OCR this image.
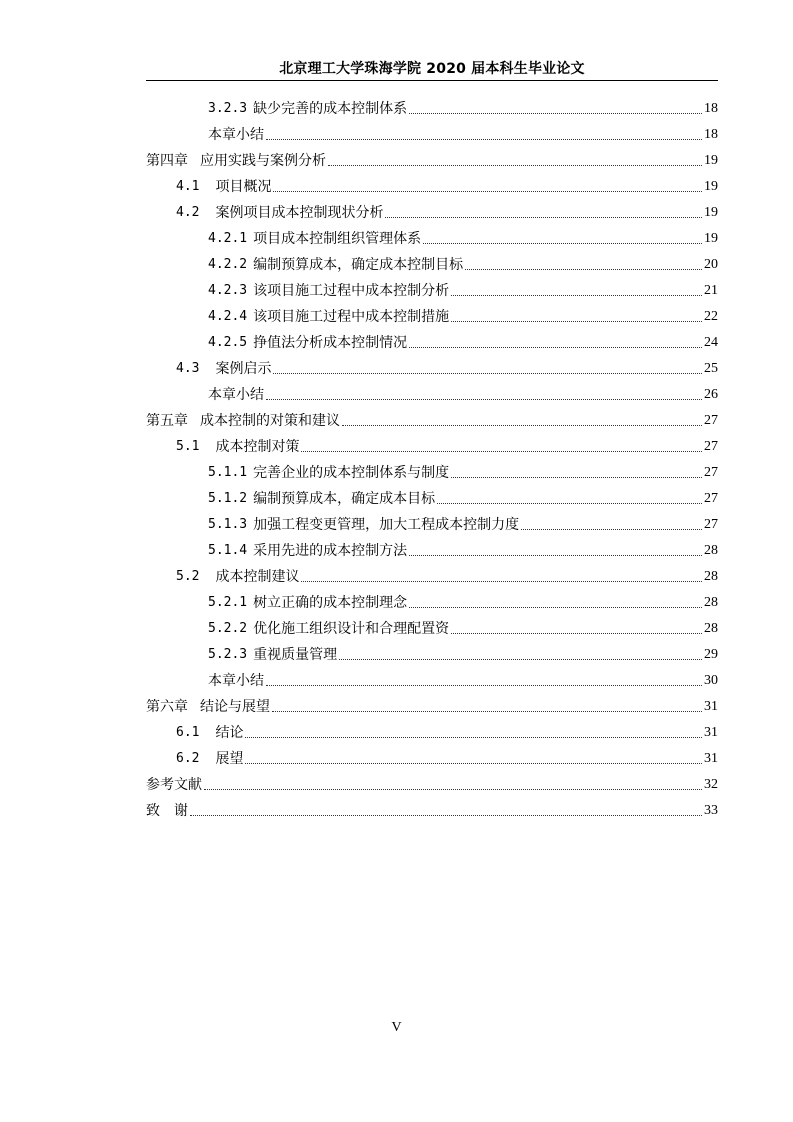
北京理工大学珠海学院 2020 届本科生毕业论文
3.2.3 缺少完善的成本控制体系	18
本章小结	18
第四章 应用实践与案例分析	19
4.1 项目概况	19
4.2 案例项目成本控制现状分析	19
4.2.1 项目成本控制组织管理体系	19
4.2.2 编制预算成本，确定成本控制目标	20
4.2.3 该项目施工过程中成本控制分析	21
4.2.4 该项目施工过程中成本控制措施	22
4.2.5 挣值法分析成本控制情况	24
4.3 案例启示	25
本章小结	26
第五章 成本控制的对策和建议	27
5.1 成本控制对策	27
5.1.1 完善企业的成本控制体系与制度	27
5.1.2 编制预算成本，确定成本目标	27
5.1.3 加强工程变更管理，加大工程成本控制力度	27
5.1.4 采用先进的成本控制方法	28
5.2 成本控制建议	28
5.2.1 树立正确的成本控制理念	28
5.2.2 优化施工组织设计和合理配置资	28
5.2.3 重视质量管理	29
本章小结	30
第六章 结论与展望	31
6.1 结论	31
6.2 展望	31
参考文献	32
致　谢	33
V
